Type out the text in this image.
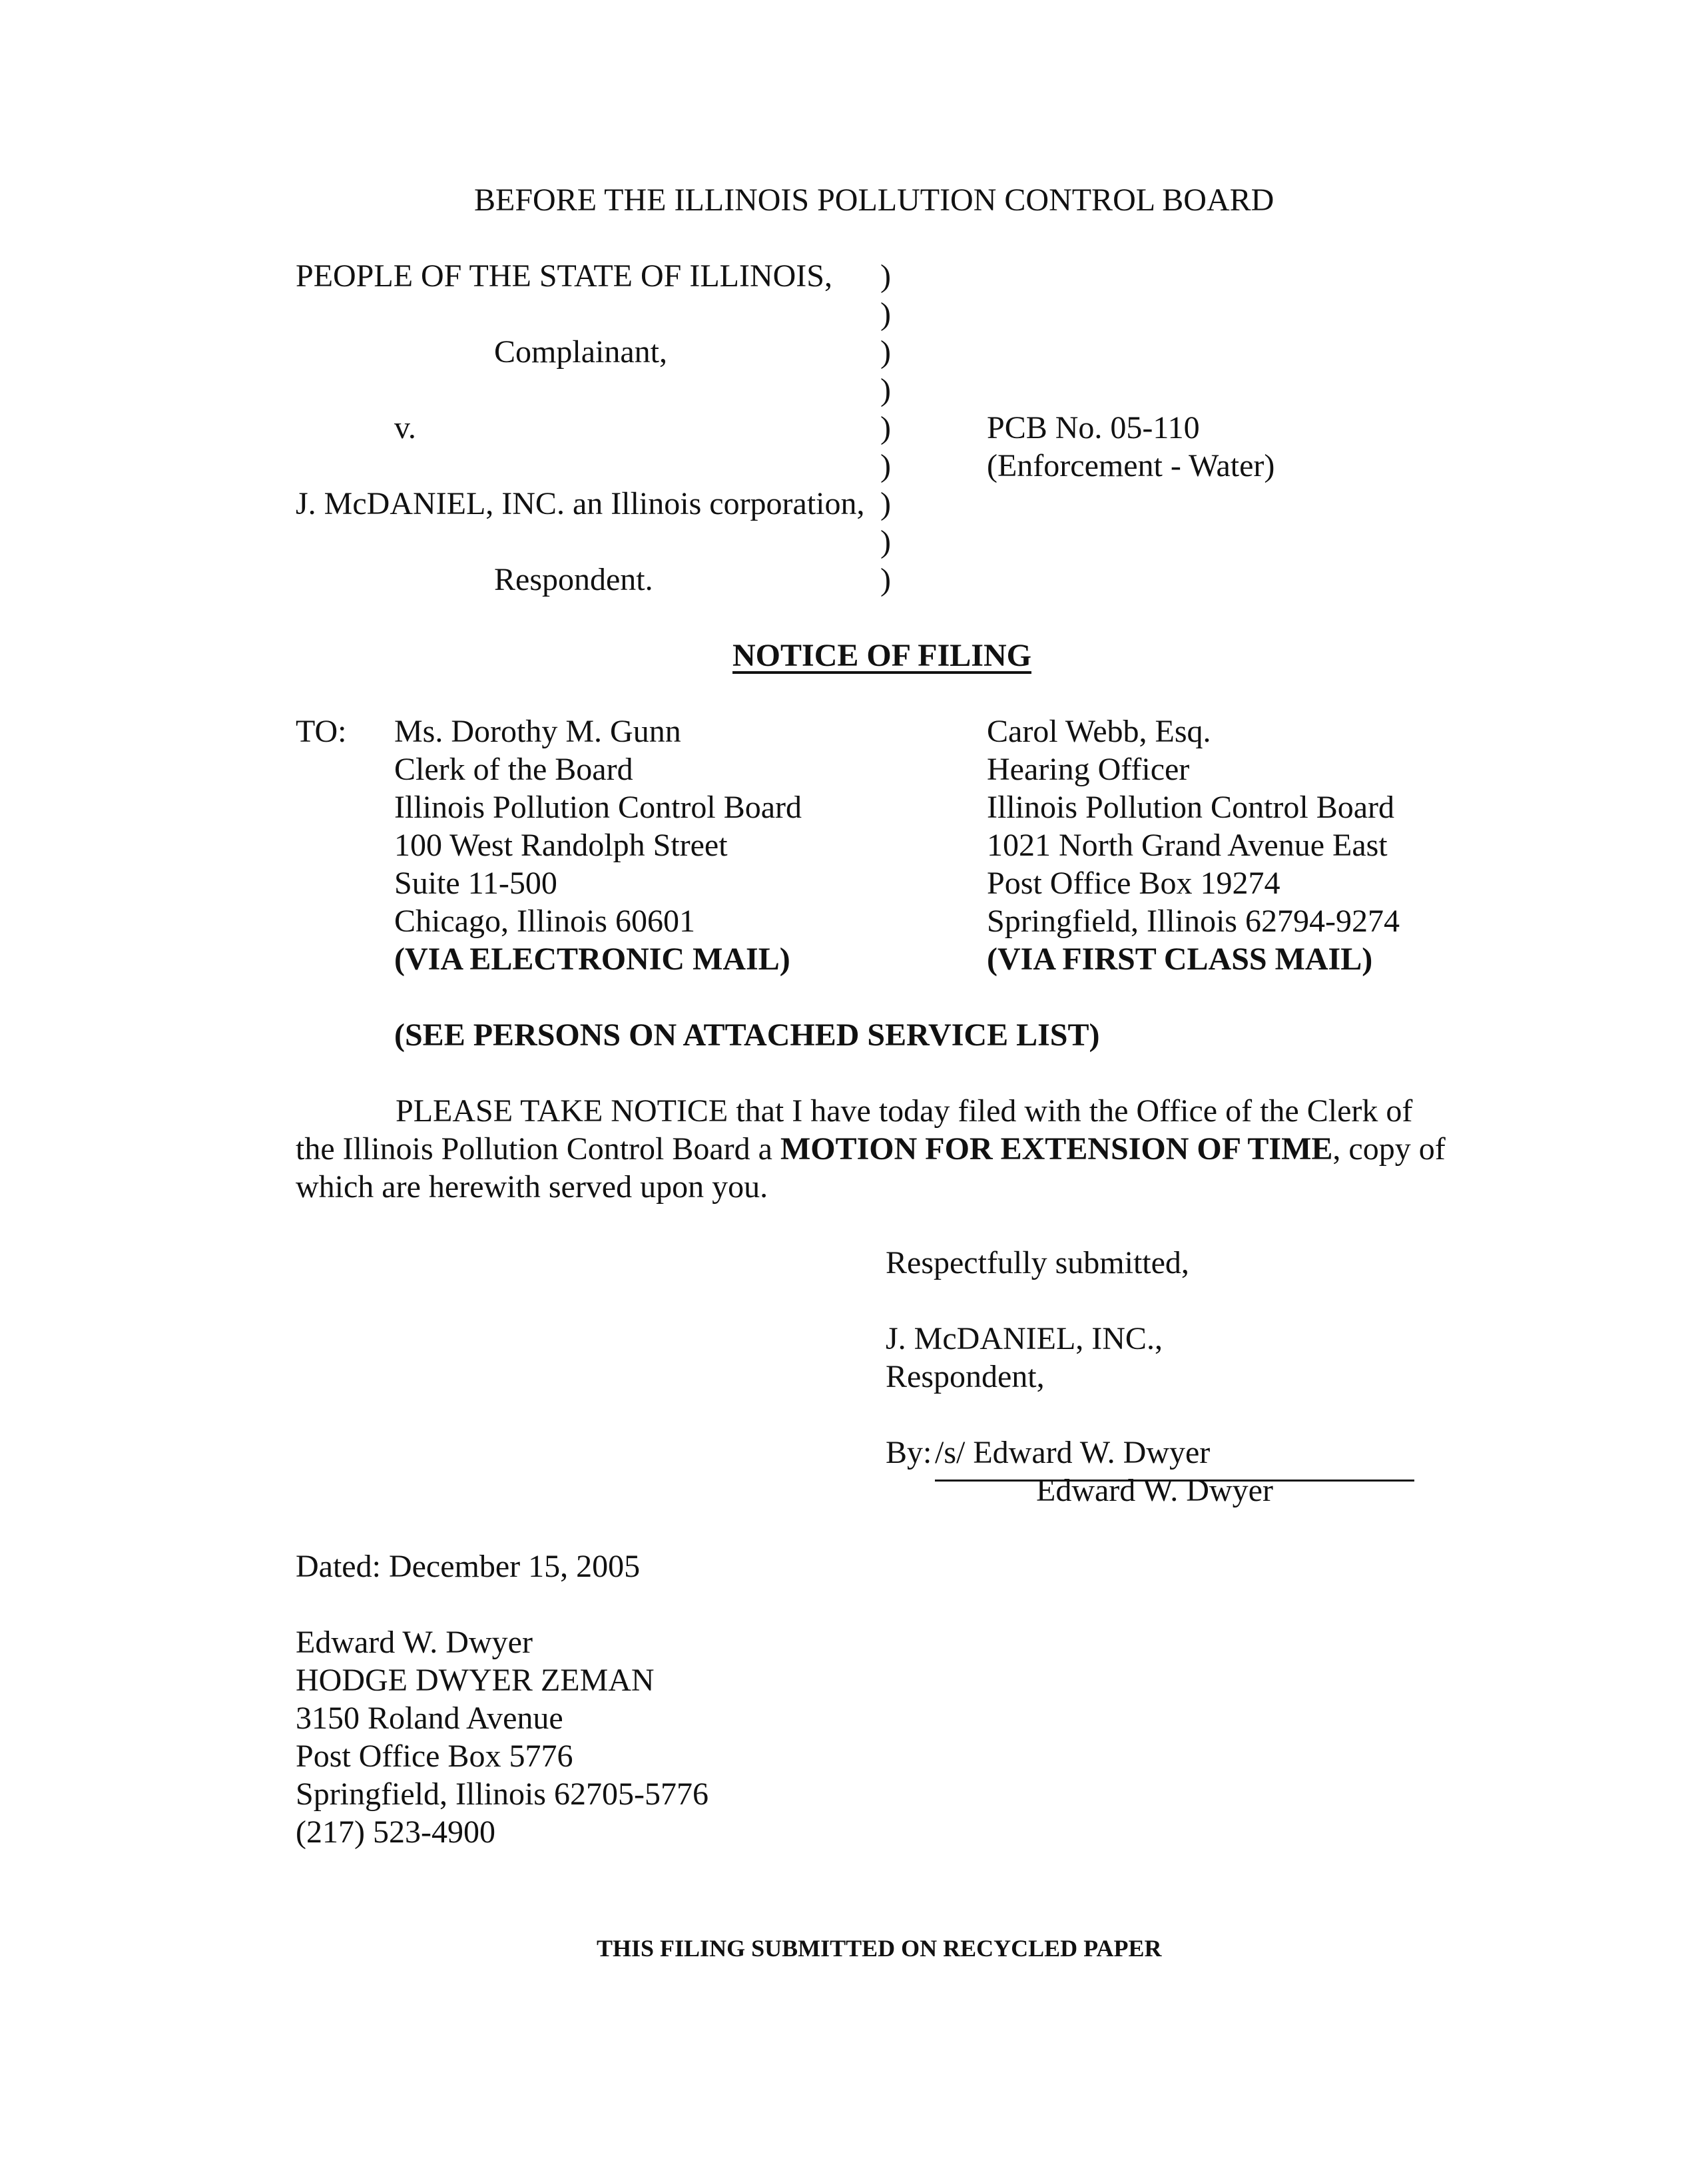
BEFORE THE ILLINOIS POLLUTION CONTROL BOARD
PEOPLE OF THE STATE OF ILLINOIS,
Complainant,
v.
J. McDANIEL, INC. an Illinois corporation,
Respondent.
)
)
)
)
)
)
)
)
)
PCB No. 05-110
(Enforcement - Water)
NOTICE OF FILING
TO: Ms. Dorothy M. Gunn
Clerk of the Board
Illinois Pollution Control Board
100 West Randolph Street
Suite 11-500
Chicago, Illinois 60601
(VIA ELECTRONIC MAIL)
Carol Webb, Esq.
Hearing Officer
Illinois Pollution Control Board
1021 North Grand Avenue East
Post Office Box 19274
Springfield, Illinois 62794-9274
(VIA FIRST CLASS MAIL)
(SEE PERSONS ON ATTACHED SERVICE LIST)
PLEASE TAKE NOTICE that I have today filed with the Office of the Clerk of the Illinois Pollution Control Board a MOTION FOR EXTENSION OF TIME, copy of which are herewith served upon you.
Respectfully submitted,
J. McDANIEL, INC.,
Respondent,
By: /s/ Edward W. Dwyer
Edward W. Dwyer
Dated: December 15, 2005
Edward W. Dwyer
HODGE DWYER ZEMAN
3150 Roland Avenue
Post Office Box 5776
Springfield, Illinois 62705-5776
(217) 523-4900
THIS FILING SUBMITTED ON RECYCLED PAPER
